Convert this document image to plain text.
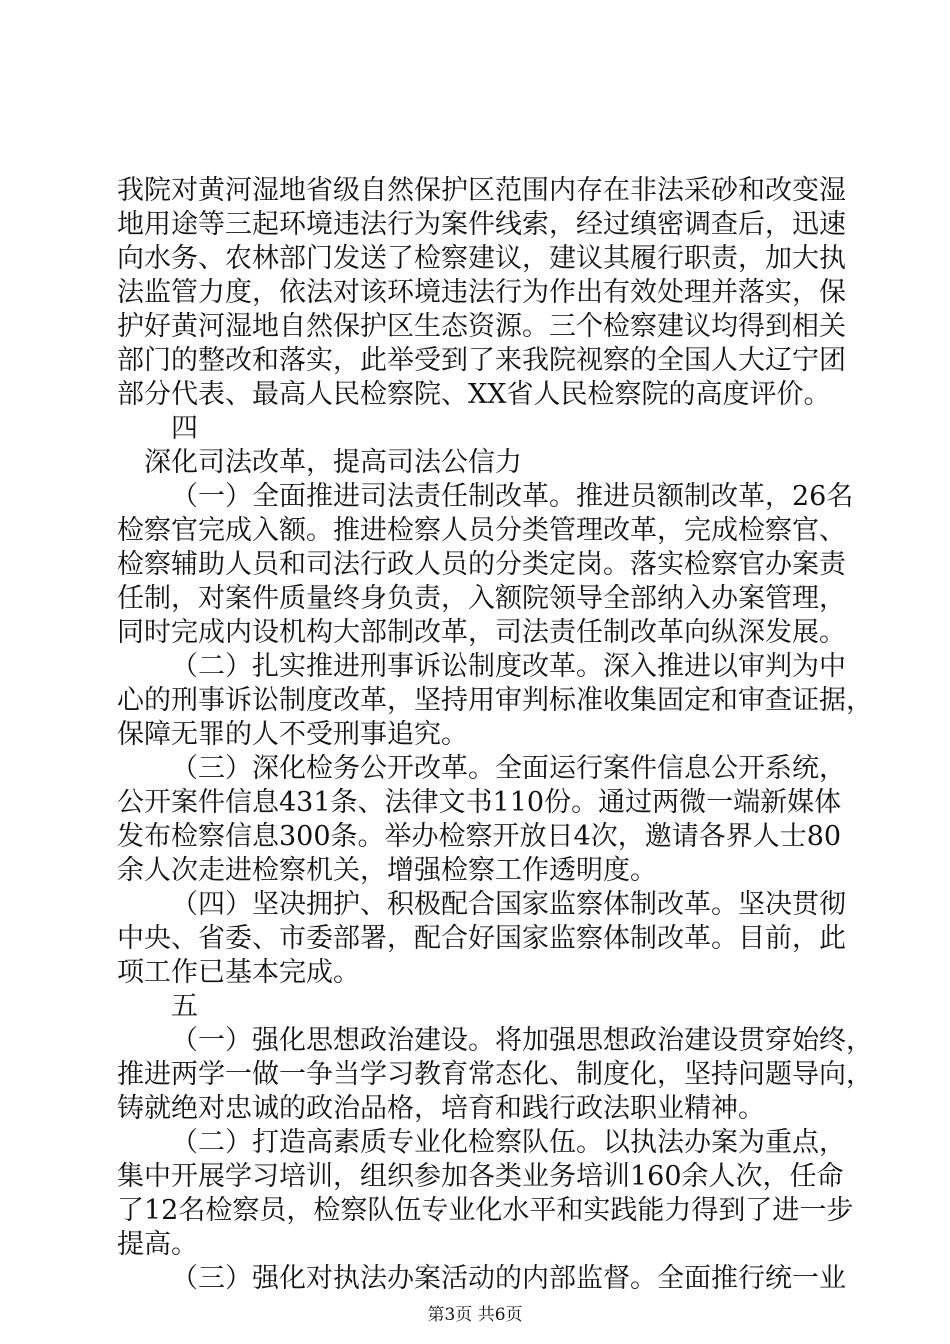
我院对黄河湿地省级自然保护区范围内存在非法采砂和改变湿
地用途等三起环境违法行为案件线索，经过缜密调查后，迅速
向水务、农林部门发送了检察建议，建议其履行职责，加大执
法监管力度，依法对该环境违法行为作出有效处理并落实，保
护好黄河湿地自然保护区生态资源。三个检察建议均得到相关
部门的整改和落实，此举受到了来我院视察的全国人大辽宁团
部分代表、最高人民检察院、XX省人民检察院的高度评价。
四
深化司法改革，提高司法公信力
（一）全面推进司法责任制改革。推进员额制改革，26名
检察官完成入额。推进检察人员分类管理改革，完成检察官、
检察辅助人员和司法行政人员的分类定岗。落实检察官办案责
任制，对案件质量终身负责，入额院领导全部纳入办案管理，
同时完成内设机构大部制改革，司法责任制改革向纵深发展。
（二）扎实推进刑事诉讼制度改革。深入推进以审判为中
心的刑事诉讼制度改革，坚持用审判标准收集固定和审查证据，
保障无罪的人不受刑事追究。
（三）深化检务公开改革。全面运行案件信息公开系统，
公开案件信息431条、法律文书110份。通过两微一端新媒体
发布检察信息300条。举办检察开放日4次，邀请各界人士80
余人次走进检察机关，增强检察工作透明度。
（四）坚决拥护、积极配合国家监察体制改革。坚决贯彻
中央、省委、市委部署，配合好国家监察体制改革。目前，此
项工作已基本完成。
五
（一）强化思想政治建设。将加强思想政治建设贯穿始终，
推进两学一做一争当学习教育常态化、制度化，坚持问题导向，
铸就绝对忠诚的政治品格，培育和践行政法职业精神。
（二）打造高素质专业化检察队伍。以执法办案为重点，
集中开展学习培训，组织参加各类业务培训160余人次，任命
了12名检察员，检察队伍专业化水平和实践能力得到了进一步
提高。
（三）强化对执法办案活动的内部监督。全面推行统一业
第3页 共6页
